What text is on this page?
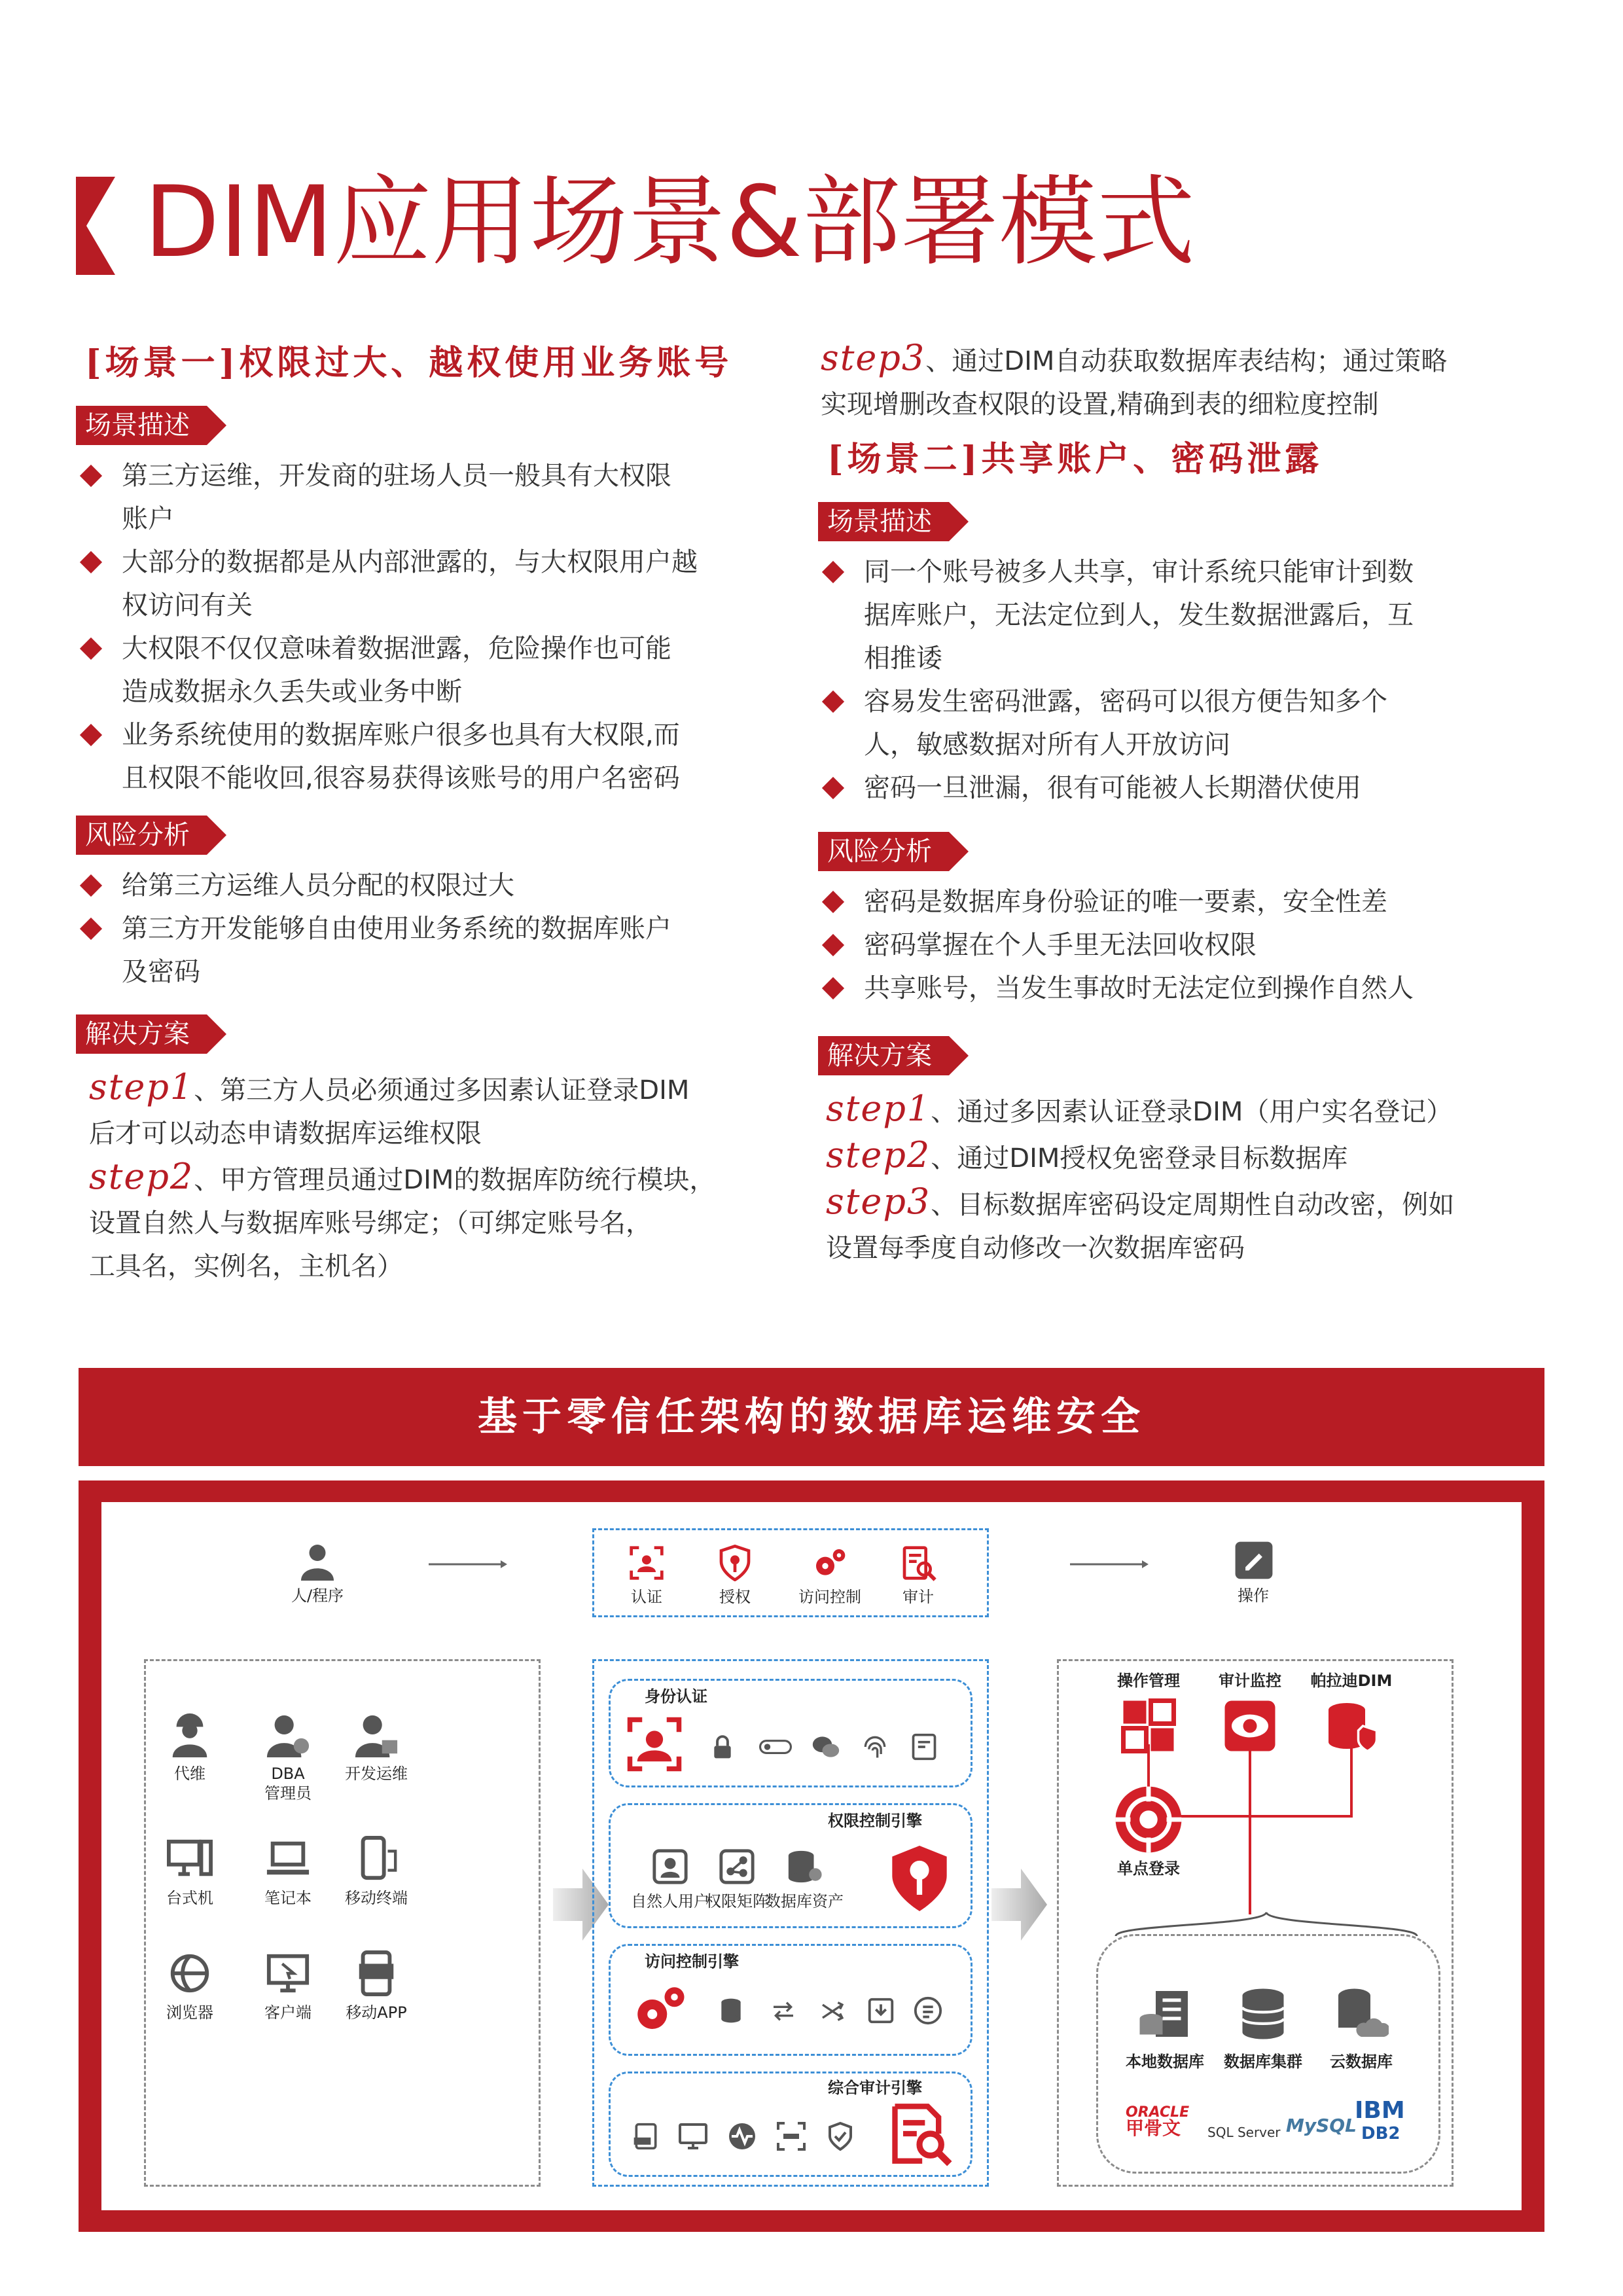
DIM应用场景&部署模式
[场景一]权限过大、越权使用业务账号
场景描述
第三方运维，开发商的驻场人员一般具有大权限
账户
大部分的数据都是从内部泄露的，与大权限用户越
权访问有关
大权限不仅仅意味着数据泄露，危险操作也可能
造成数据永久丢失或业务中断
业务系统使用的数据库账户很多也具有大权限,而
且权限不能收回,很容易获得该账号的用户名密码
风险分析
给第三方运维人员分配的权限过大
第三方开发能够自由使用业务系统的数据库账户
及密码
解决方案
step1、第三方人员必须通过多因素认证登录DIM
后才可以动态申请数据库运维权限
step2、甲方管理员通过DIM的数据库防统行模块，
设置自然人与数据库账号绑定；（可绑定账号名，
工具名，实例名，主机名）
step3、通过DIM自动获取数据库表结构；通过策略
实现增删改查权限的设置,精确到表的细粒度控制
[场景二]共享账户、密码泄露
场景描述
同一个账号被多人共享，审计系统只能审计到数
据库账户，无法定位到人，发生数据泄露后，互
相推诿
容易发生密码泄露，密码可以很方便告知多个
人，敏感数据对所有人开放访问
密码一旦泄漏，很有可能被人长期潜伏使用
风险分析
密码是数据库身份验证的唯一要素，安全性差
密码掌握在个人手里无法回收权限
共享账号，当发生事故时无法定位到操作自然人
解决方案
step1、通过多因素认证登录DIM（用户实名登记）
step2、通过DIM授权免密登录目标数据库
step3、目标数据库密码设定周期性自动改密，例如
设置每季度自动修改一次数据库密码
基于零信任架构的数据库运维安全
人/程序	操作
身份认证
权限控制引擎
访问控制引擎
综合审计引擎
单点登录
ORACLE
甲骨文 SQL Server MySQL
IBM
DB2
认证	授权	访问控制	审计
代维	DBA
管理员
开发运维
台式机	笔记本	移动终端
浏览器	客户端	移动APP
自然人用户
权限矩阵
数据库资产
操作管理	审计监控	帕拉迪DIM
本地数据库	数据库集群	云数据库
